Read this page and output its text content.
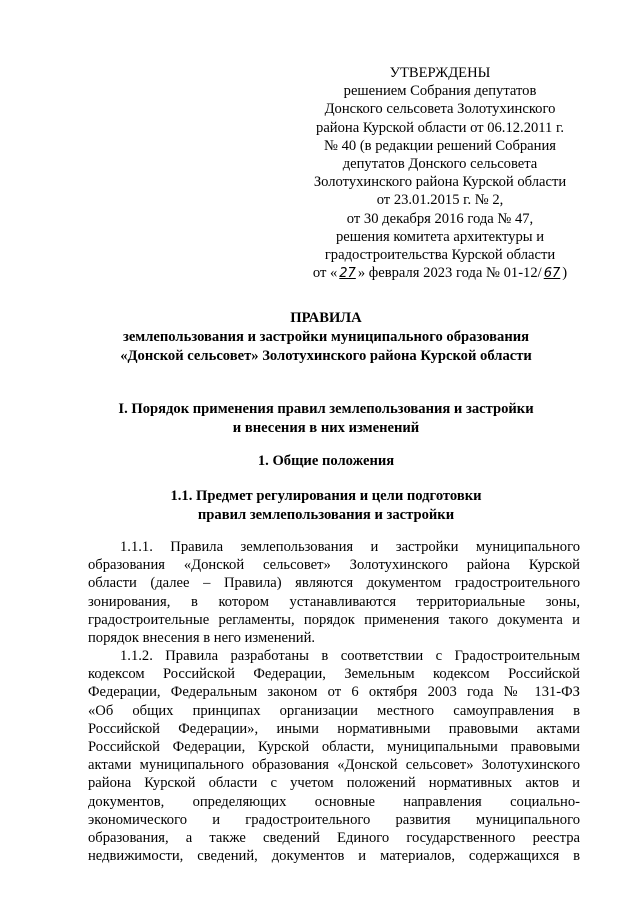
УТВЕРЖДЕНЫ
решением Собрания депутатов
Донского сельсовета Золотухинского
района Курской области от 06.12.2011 г.
№ 40 (в редакции решений Собрания
депутатов Донского сельсовета
Золотухинского района Курской области
от 23.01.2015 г. № 2,
от 30 декабря 2016 года № 47,
решения комитета архитектуры и
градостроительства Курской области
от « 27 » февраля 2023 года № 01-12/ 67 )
ПРАВИЛА
землепользования и застройки муниципального образования
«Донской сельсовет» Золотухинского района Курской области
I. Порядок применения правил землепользования и застройки
и внесения в них изменений
1. Общие положения
1.1. Предмет регулирования и цели подготовки
правил землепользования и застройки

1.1.1. Правила землепользования и застройки муниципального

образования «Донской сельсовет» Золотухинского района Курской

области (далее – Правила) являются документом градостроительного

зонирования, в котором устанавливаются территориальные зоны,

градостроительные регламенты, порядок применения такого документа и

порядок внесения в него изменений.

1.1.2. Правила разработаны в соответствии с Градостроительным

кодексом Российской Федерации, Земельным кодексом Российской

Федерации, Федеральным законом от 6 октября 2003 года № 131-ФЗ

«Об общих принципах организации местного самоуправления в

Российской Федерации», иными нормативными правовыми актами

Российской Федерации, Курской области, муниципальными правовыми

актами муниципального образования «Донской сельсовет» Золотухинского

района Курской области с учетом положений нормативных актов и

документов, определяющих основные направления социально-

экономического и градостроительного развития муниципального

образования, а также сведений Единого государственного реестра

недвижимости, сведений, документов и материалов, содержащихся в
